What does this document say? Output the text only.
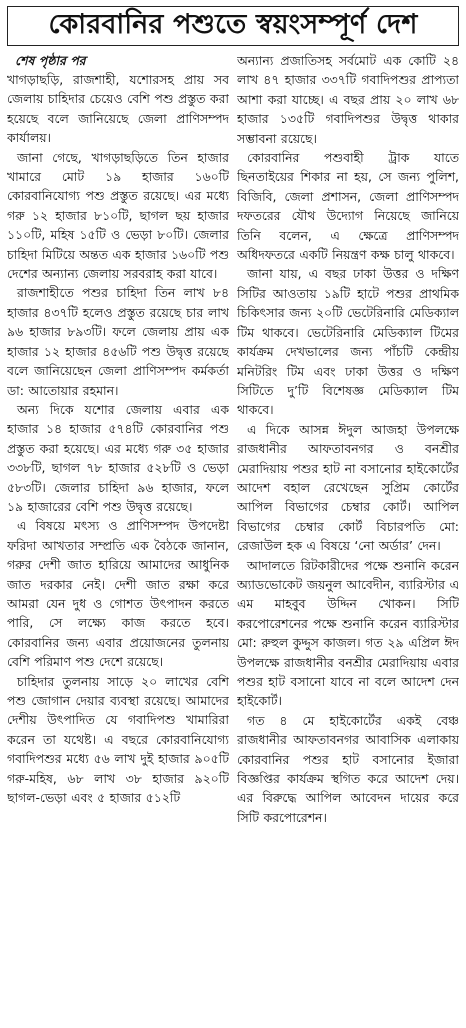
কোরবানির পশুতে স্বয়ংসম্পূর্ণ দেশ

শেষ পৃষ্ঠার পর

খাগড়াছড়ি, রাজশাহী, যশোরসহ প্রায় সব জেলায় চাহিদার চেয়েও বেশি পশু প্রস্তুত করা হয়েছে বলে জানিয়েছে জেলা প্রাণিসম্পদ কার্যালয়।

জানা গেছে, খাগড়াছড়িতে তিন হাজার খামারে মোট ১৯ হাজার ১৬০টি কোরবানিযোগ্য পশু প্রস্তুত রয়েছে। এর মধ্যে গরু ১২ হাজার ৮১০টি, ছাগল ছয় হাজার ১১০টি, মহিষ ১৫টি ও ভেড়া ৮০টি। জেলার চাহিদা মিটিয়ে অন্তত এক হাজার ১৬০টি পশু দেশের অন্যান্য জেলায় সরবরাহ করা যাবে।

রাজশাহীতে পশুর চাহিদা তিন লাখ ৮৪ হাজার ৪৩৭টি হলেও প্রস্তুত রয়েছে চার লাখ ৯৬ হাজার ৮৯৩টি। ফলে জেলায় প্রায় এক হাজার ১২ হাজার ৪৫৬টি পশু উদ্বৃত্ত রয়েছে বলে জানিয়েছেন জেলা প্রাণিসম্পদ কর্মকর্তা ডা: আতোয়ার রহমান।

অন্য দিকে যশোর জেলায় এবার এক হাজার ১৪ হাজার ৫৭৪টি কোরবানির পশু প্রস্তুত করা হয়েছে। এর মধ্যে গরু ৩৫ হাজার ৩৩৮টি, ছাগল ৭৮ হাজার ৫২৮টি ও ভেড়া ৫৮৩টি। জেলার চাহিদা ৯৬ হাজার, ফলে ১৯ হাজারের বেশি পশু উদ্বৃত্ত রয়েছে।

এ বিষয়ে মৎস্য ও প্রাণিসম্পদ উপদেষ্টা ফরিদা আখতার সম্প্রতি এক বৈঠকে জানান, গরুর দেশী জাত হারিয়ে আমাদের আধুনিক জাত দরকার নেই। দেশী জাত রক্ষা করে আমরা যেন দুধ ও গোশত উৎপাদন করতে পারি, সে লক্ষ্যে কাজ করতে হবে। কোরবানির জন্য এবার প্রয়োজনের তুলনায় বেশি পরিমাণ পশু দেশে রয়েছে।

চাহিদার তুলনায় সাড়ে ২০ লাখের বেশি পশু জোগান দেয়ার ব্যবস্থা রয়েছে। আমাদের দেশীয় উৎপাদিত যে গবাদিপশু খামারিরা করেন তা যথেষ্ট। এ বছরে কোরবানিযোগ্য গবাদিপশুর মধ্যে ৫৬ লাখ দুই হাজার ৯০৫টি গরু-মহিষ, ৬৮ লাখ ৩৮ হাজার ৯২০টি ছাগল-ভেড়া এবং ৫ হাজার ৫১২টি

অন্যান্য প্রজাতিসহ সর্বমোট এক কোটি ২৪ লাখ ৪৭ হাজার ৩৩৭টি গবাদিপশুর প্রাপ্যতা আশা করা যাচ্ছে। এ বছর প্রায় ২০ লাখ ৬৮ হাজার ১৩৫টি গবাদিপশুর উদ্বৃত্ত থাকার সম্ভাবনা রয়েছে।

কোরবানির পশুবাহী ট্রাক যাতে ছিনতাইয়ের শিকার না হয়, সে জন্য পুলিশ, বিজিবি, জেলা প্রশাসন, জেলা প্রাণিসম্পদ দফতরের যৌথ উদ্যোগ নিয়েছে জানিয়ে তিনি বলেন, এ ক্ষেত্রে প্রাণিসম্পদ অধিদফতরে একটি নিয়ন্ত্রণ কক্ষ চালু থাকবে।

জানা যায়, এ বছর ঢাকা উত্তর ও দক্ষিণ সিটির আওতায় ১৯টি হাটে পশুর প্রাথমিক চিকিৎসার জন্য ২০টি ভেটেরিনারি মেডিক্যাল টিম থাকবে। ভেটেরিনারি মেডিক্যাল টিমের কার্যক্রম দেখভালের জন্য পাঁচটি কেন্দ্রীয় মনিটরিং টিম এবং ঢাকা উত্তর ও দক্ষিণ সিটিতে দু’টি বিশেষজ্ঞ মেডিক্যাল টিম থাকবে।

এ দিকে আসন্ন ঈদুল আজহা উপলক্ষে রাজধানীর আফতাবনগর ও বনশ্রীর মেরাদিয়ায় পশুর হাট না বসানোর হাইকোর্টের আদেশ বহাল রেখেছেন সুপ্রিম কোর্টের আপিল বিভাগের চেম্বার কোর্ট। আপিল বিভাগের চেম্বার কোর্ট বিচারপতি মো: রেজাউল হক এ বিষয়ে ‘নো অর্ডার’ দেন।

আদালতে রিটকারীদের পক্ষে শুনানি করেন অ্যাডভোকেট জয়নুল আবেদীন, ব্যারিস্টার এ এম মাহবুব উদ্দিন খোকন। সিটি করপোরেশনের পক্ষে শুনানি করেন ব্যারিস্টার মো: রুহুল কুদ্দুস কাজল। গত ২৯ এপ্রিল ঈদ উপলক্ষে রাজধানীর বনশ্রীর মেরাদিয়ায় এবার পশুর হাট বসানো যাবে না বলে আদেশ দেন হাইকোর্ট।

গত ৪ মে হাইকোর্টের একই বেঞ্চ রাজধানীর আফতাবনগর আবাসিক এলাকায় কোরবানির পশুর হাট বসানোর ইজারা বিজ্ঞপ্তির কার্যক্রম স্থগিত করে আদেশ দেয়। এর বিরুদ্ধে আপিল আবেদন দায়ের করে সিটি করপোরেশন।
